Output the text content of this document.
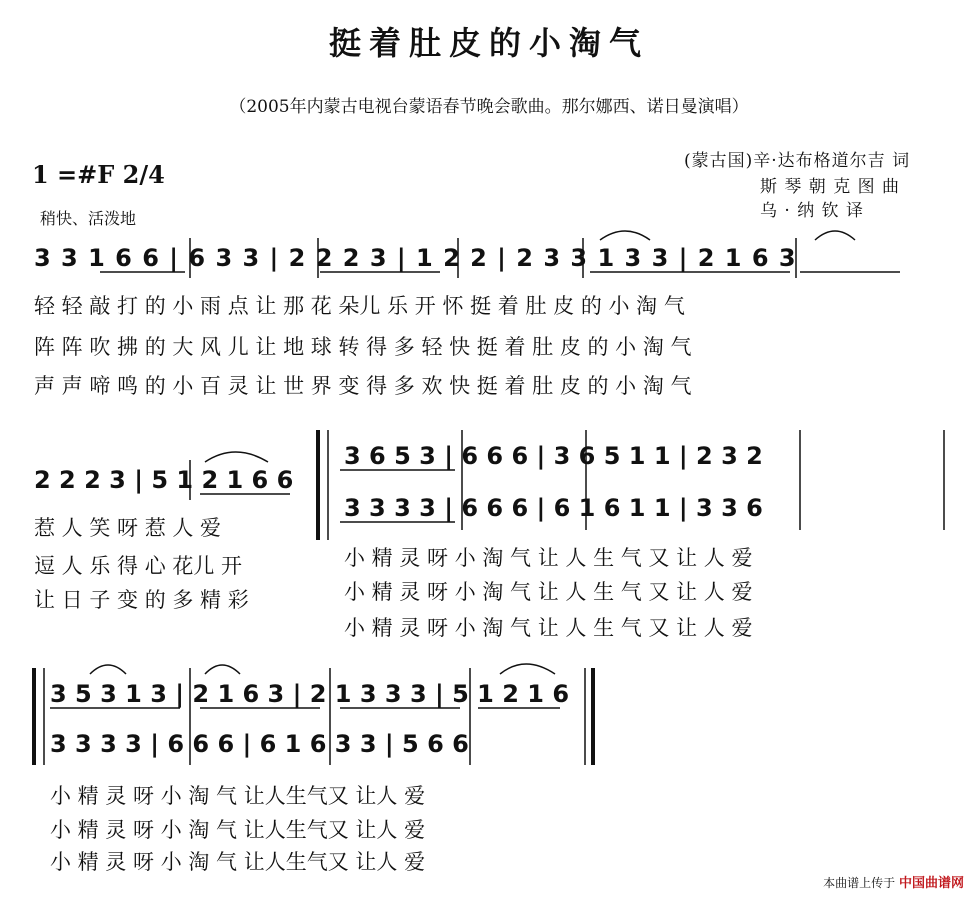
挺着肚皮的小淘气
（2005年内蒙古电视台蒙语春节晚会歌曲。那尔娜西、诺日曼演唱）
(蒙古国)辛·达布格道尔吉 词
斯 琴 朝 克 图 曲
乌 · 纳 钦 译
1 =#F 2/4
稍快、活泼地
3 3 1 6 6 | 6 3 3 | 2 2 2 3 | 1 2 2 | 2 3 3 1 3 3 | 2 1 6 3
轻 轻 敲 打 的 小 雨 点 让 那 花 朵儿 乐 开 怀 挺 着 肚 皮 的 小 淘 气
阵 阵 吹 拂 的 大 风 儿 让 地 球 转 得 多 轻 快 挺 着 肚 皮 的 小 淘 气
声 声 啼 鸣 的 小 百 灵 让 世 界 变 得 多 欢 快 挺 着 肚 皮 的 小 淘 气
2 2 2 3 | 5 1 2 1 6 6
惹 人 笑 呀 惹 人 爱
逗 人 乐 得 心 花儿 开
让 日 子 变 的 多 精 彩
3 6 5 3 | 6 6 6 | 3 6 5 1 1 | 2 3 2
3 3 3 3 | 6 6 6 | 6 1 6 1 1 | 3 3 6
小 精 灵 呀 小 淘 气 让 人 生 气 又 让 人 爱
小 精 灵 呀 小 淘 气 让 人 生 气 又 让 人 爱
小 精 灵 呀 小 淘 气 让 人 生 气 又 让 人 爱
3 5 3 1 3 | 2 1 6 3 | 2 1 3 3 3 | 5 1 2 1 6
3 3 3 3 | 6 6 6 | 6 1 6 3 3 | 5 6 6
小 精 灵 呀 小 淘 气 让人生气又 让人 爱
小 精 灵 呀 小 淘 气 让人生气又 让人 爱
小 精 灵 呀 小 淘 气 让人生气又 让人 爱
本曲谱上传于 中国曲谱网
